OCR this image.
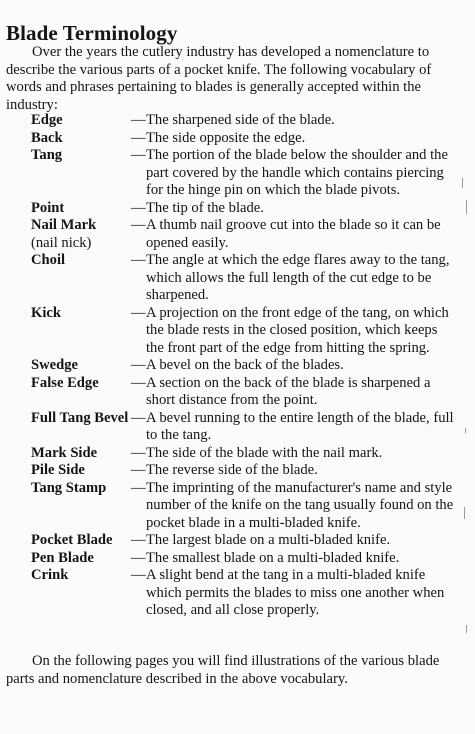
Blade Terminology

Over the years the cutlery industry has developed a nomenclature to describe the various parts of a pocket knife. The following vocabulary of words and phrases pertaining to blades is generally accepted within the industry:

Edge	—The sharpened side of the blade.
Back	—The side opposite the edge.
Tang	—The portion of the blade below the shoulder and the part covered by the handle which contains piercing for the hinge pin on which the blade pivots.
Point	—The tip of the blade.
Nail Mark
(nail nick)
—A thumb nail groove cut into the blade so it can be opened easily.
Choil	—The angle at which the edge flares away to the tang, which allows the full length of the cut edge to be sharpened.
Kick	—A projection on the front edge of the tang, on which the blade rests in the closed position, which keeps the front part of the edge from hitting the spring.
Swedge	—A bevel on the back of the blades.
False Edge	—A section on the back of the blade is sharpened a short distance from the point.
Full Tang Bevel —A bevel running to the entire length of the blade, full to the tang.
Mark Side	—The side of the blade with the nail mark.
Pile Side	—The reverse side of the blade.
Tang Stamp	—The imprinting of the manufacturer's name and style number of the knife on the tang usually found on the pocket blade in a multi-bladed knife.
Pocket Blade	—The largest blade on a multi-bladed knife.
Pen Blade	—The smallest blade on a multi-bladed knife.
Crink	—A slight bend at the tang in a multi-bladed knife which permits the blades to miss one another when closed, and all close properly.

On the following pages you will find illustrations of the various blade parts and nomenclature described in the above vocabulary.
